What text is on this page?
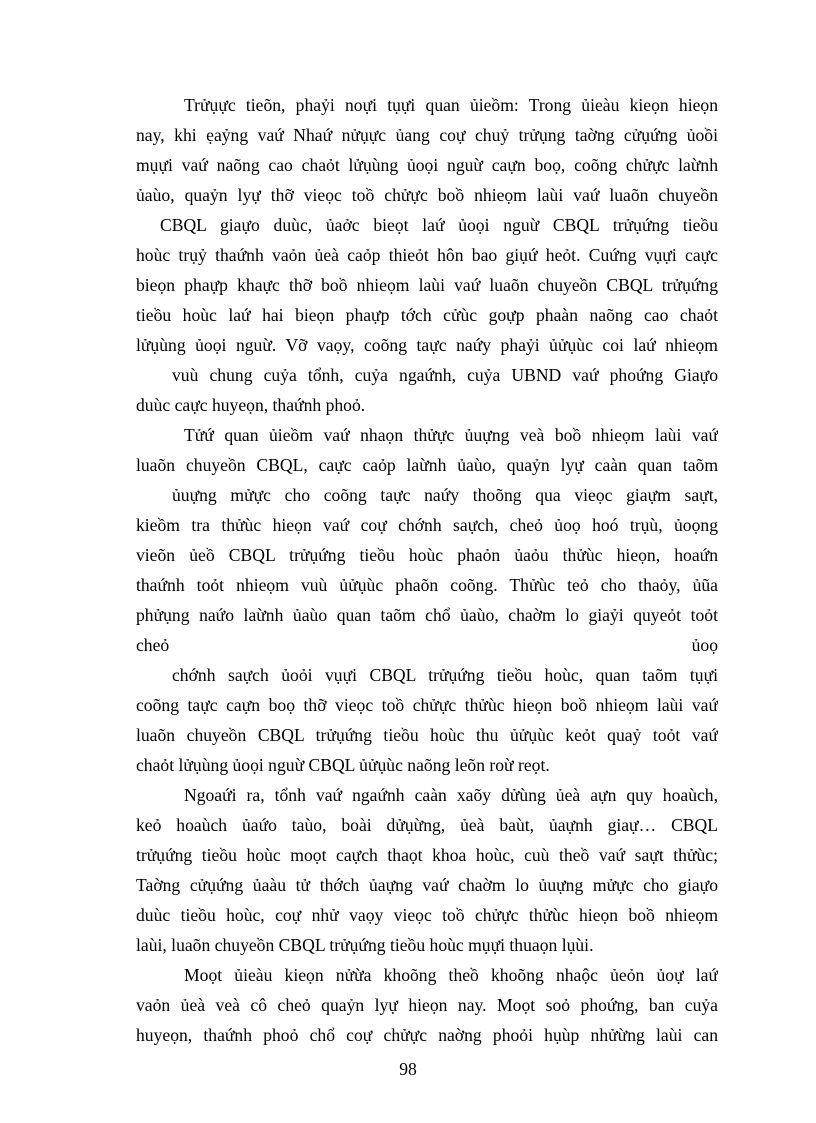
Trửụực tieõn, phaỷi noựi tụựi quan ủieồm: Trong ủieàu kieọn hieọn
nay, khi ẹaỷng vaứ Nhaứ nửụực ủang coự chuỷ trửụng taờng cửụứng ủoồi
mụựi vaứ naõng cao chaỏt lửụùng ủoọi nguừ caựn boọ, coõng chửực laừnh
ủaùo, quaỷn lyự thỡ vieọc toồ chửực boồ nhieọm laùi vaứ luaõn chuyeồn
CBQL giaựo duùc, ủaởc bieọt laứ ủoọi nguừ CBQL trửụứng tieồu
hoùc trụỷ thaứnh vaỏn ủeà caỏp thieỏt hôn bao giụứ heỏt. Cuứng vụựi caực
bieọn phaựp khaực thỡ boồ nhieọm laùi vaứ luaõn chuyeồn CBQL trửụứng
tieồu hoùc laứ hai bieọn phaựp tớch cửùc goựp phaàn naõng cao chaỏt
lửụùng ủoọi nguừ. Vỡ vaọy, coõng taực naứy phaỷi ủửụùc coi laứ nhieọm
vuù chung cuỷa tổnh, cuỷa ngaứnh, cuỷa UBND vaứ phoứng Giaựo
duùc caực huyeọn, thaứnh phoỏ.
Tửứ quan ủieồm vaứ nhaọn thửực ủuựng veà boồ nhieọm laùi vaứ
luaõn chuyeồn CBQL, caực caỏp laừnh ủaùo, quaỷn lyự caàn quan taõm
ủuựng mửực cho coõng taực naứy thoõng qua vieọc giaựm saựt,
kieồm tra thửùc hieọn vaứ coự chớnh saựch, cheỏ ủoọ hoó trụù, ủoọng
vieõn ủeồ CBQL trửụứng tieồu hoùc phaỏn ủaỏu thửùc hieọn, hoaứn
thaứnh toỏt nhieọm vuù ủửụùc phaõn coõng. Thửùc teỏ cho thaỏy, ủũa
phửụng naứo laừnh ủaùo quan taõm chổ ủaùo, chaờm lo giaỷi quyeỏt toỏt
cheỏ ủoọ
chớnh saựch ủoỏi vụựi CBQL trửụứng tieồu hoùc, quan taõm tụựi
coõng taực caựn boọ thỡ vieọc toồ chửực thửùc hieọn boồ nhieọm laùi vaứ
luaõn chuyeồn CBQL trửụứng tieồu hoùc thu ủửụùc keỏt quaỷ toỏt vaứ
chaỏt lửụùng ủoọi nguừ CBQL ủửụùc naõng leõn roừ reọt.
Ngoaứi ra, tổnh vaứ ngaứnh caàn xaõy dửùng ủeà aựn quy hoaùch,
keỏ hoaùch ủaứo taùo, boài dửụừng, ủeà baùt, ủaựnh giaự… CBQL
trửụứng tieồu hoùc moọt caựch thaọt khoa hoùc, cuù theồ vaứ saựt thửùc;
Taờng cửụứng ủaàu tử thớch ủaựng vaứ chaờm lo ủuựng mửực cho giaựo
duùc tieồu hoùc, coự nhử vaọy vieọc toồ chửực thửùc hieọn boồ nhieọm
laùi, luaõn chuyeồn CBQL trửụứng tieồu hoùc mụựi thuaọn lụùi.
Moọt ủieàu kieọn nửừa khoõng theồ khoõng nhaộc ủeỏn ủoự laứ
vaỏn ủeà veà cô cheỏ quaỷn lyự hieọn nay. Moọt soỏ phoứng, ban cuỷa
huyeọn, thaứnh phoỏ chổ coự chửực naờng phoỏi hụùp nhửừng laùi can
98
